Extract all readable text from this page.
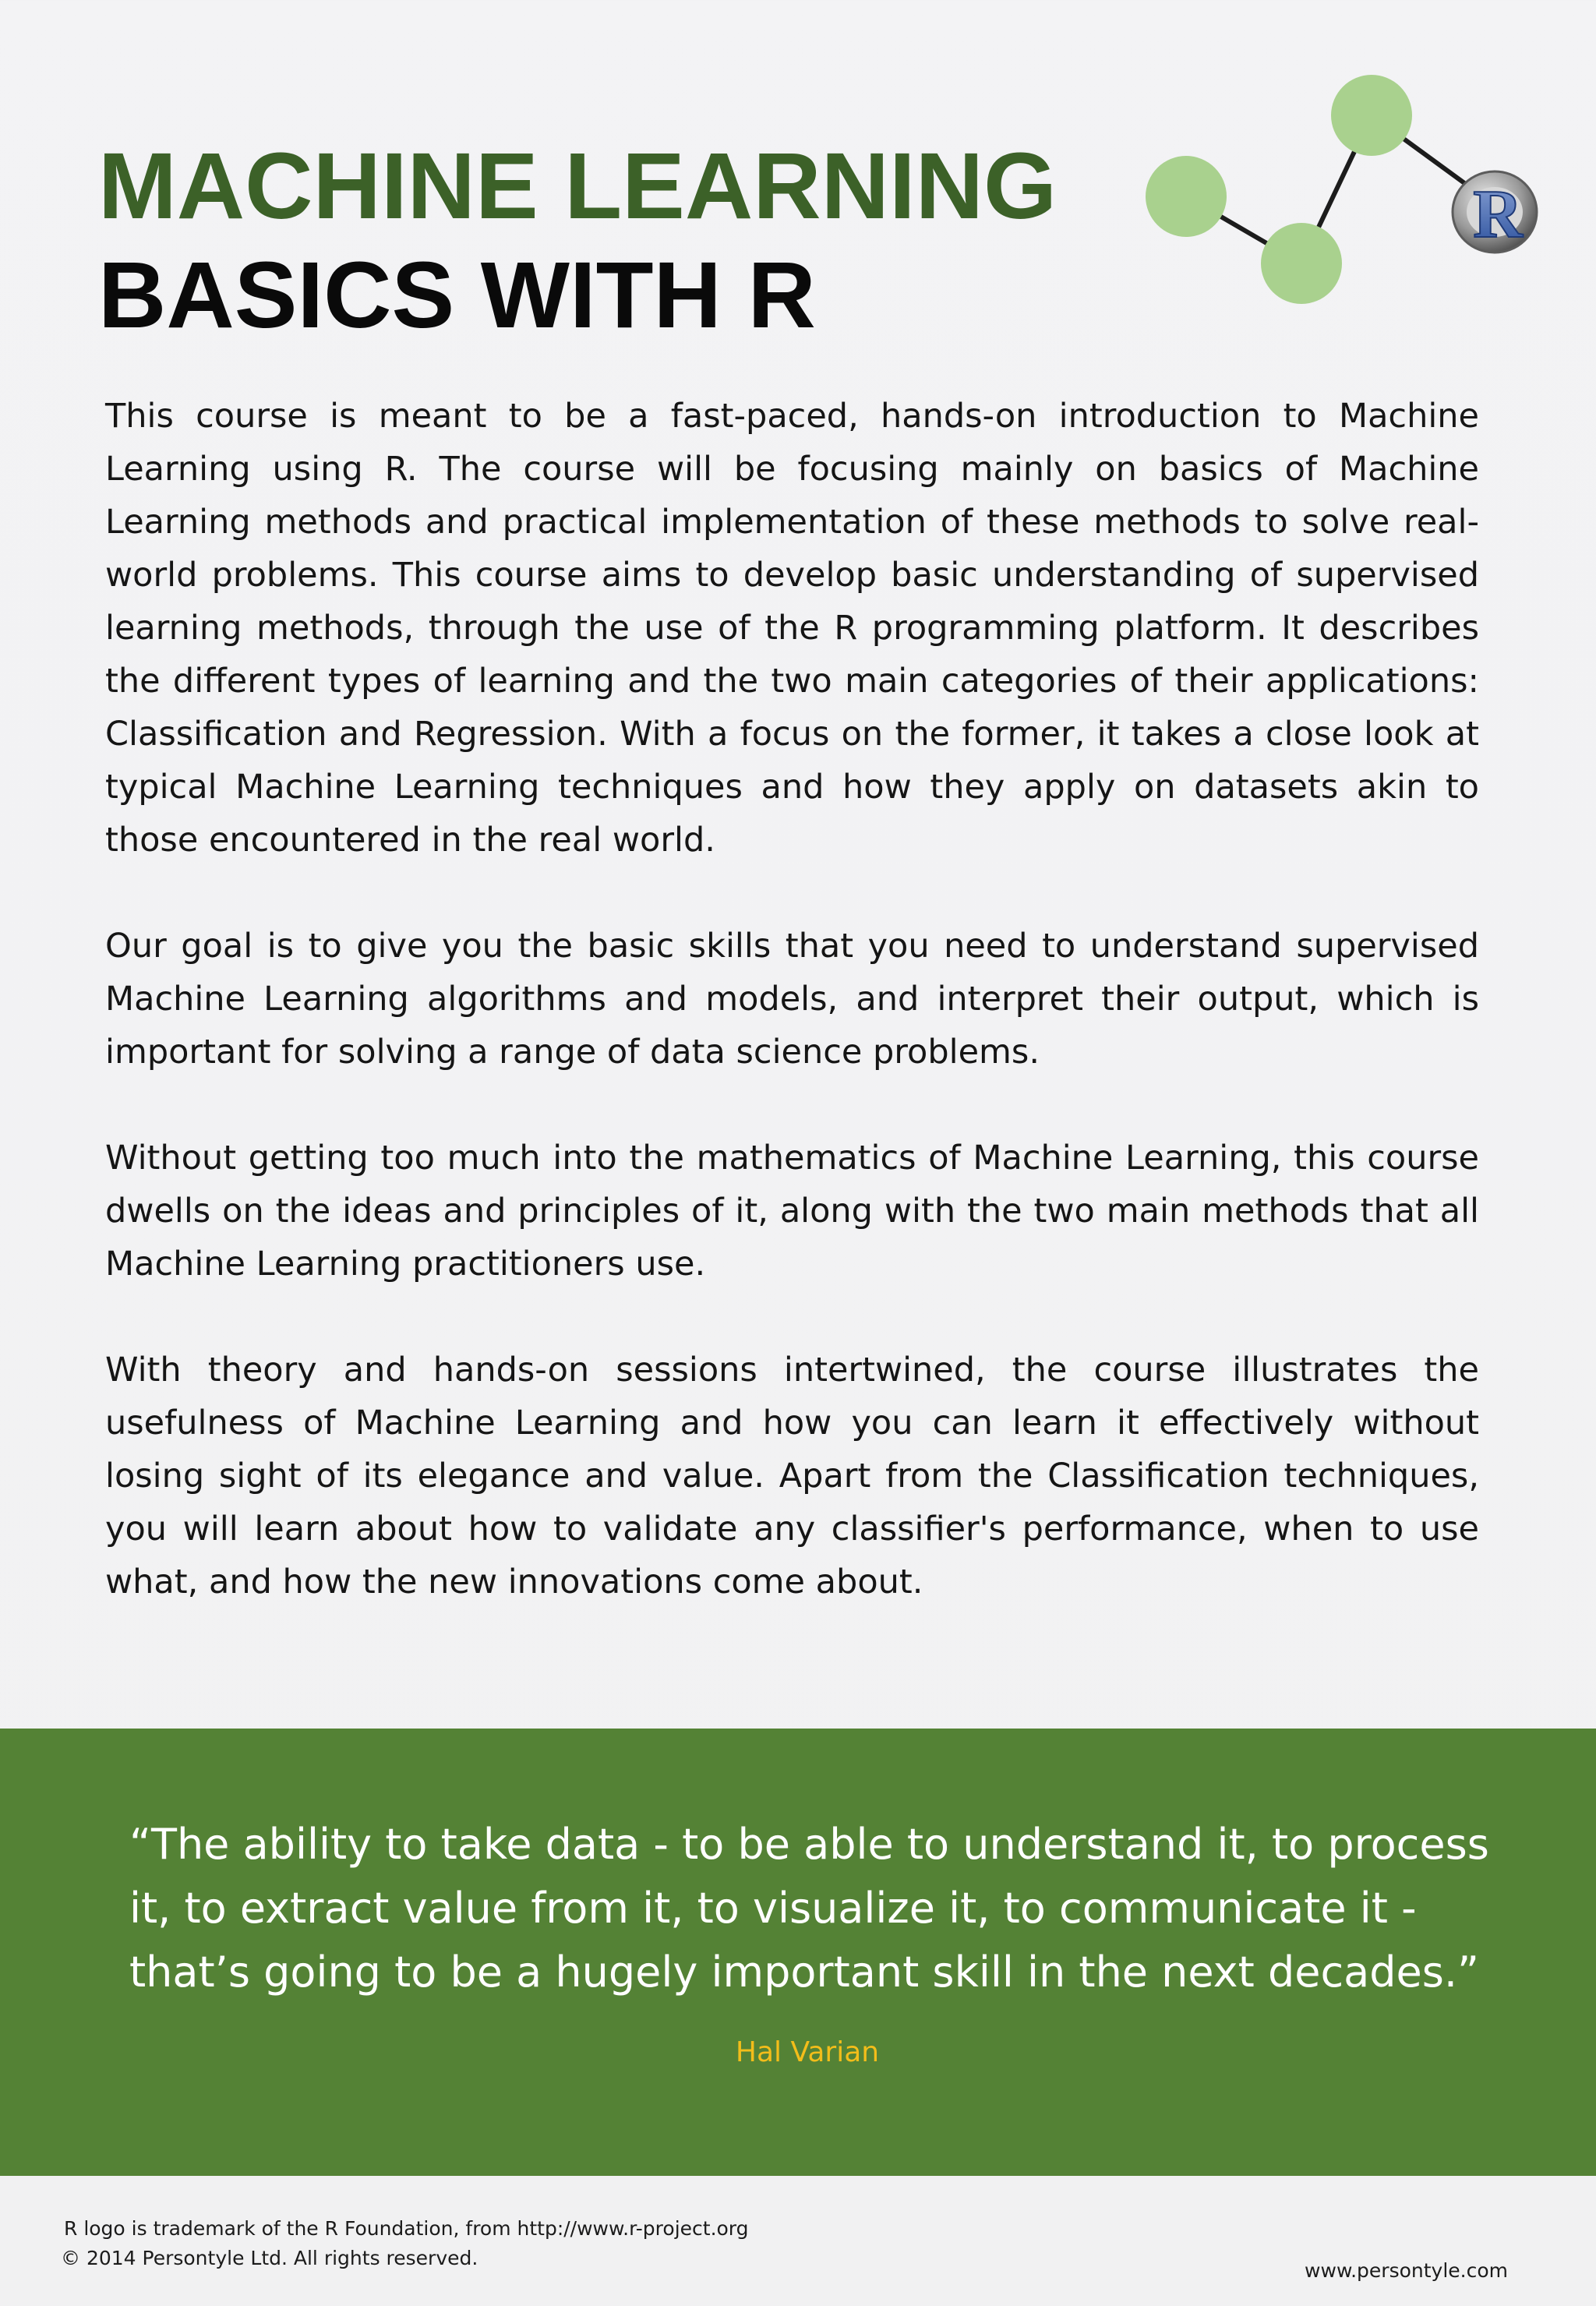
MACHINE LEARNING
BASICS WITH R
R

This course is meant to be a fast-paced, hands-on introduction to Machine Learning using R. The course will be focusing mainly on basics of Machine Learning methods and practical implementation of these methods to solve real-world problems. This course aims to develop basic understanding of supervised learning methods, through the use of the R programming platform. It describes the different types of learning and the two main categories of their applications: Classification and Regression. With a focus on the former, it takes a close look at typical Machine Learning techniques and how they apply on datasets akin to those encountered in the real world.

Our goal is to give you the basic skills that you need to understand supervised Machine Learning algorithms and models, and interpret their output, which is important for solving a range of data science problems.

Without getting too much into the mathematics of Machine Learning, this course dwells on the ideas and principles of it, along with the two main methods that all Machine Learning practitioners use.

With theory and hands-on sessions intertwined, the course illustrates the usefulness of Machine Learning and how you can learn it effectively without losing sight of its elegance and value. Apart from the Classification techniques, you will learn about how to validate any classifier's performance, when to use what, and how the new innovations come about.

“The ability to take data - to be able to understand it, to process it, to extract value from it, to visualize it, to communicate it - that’s going to be a hugely important skill in the next decades.”

Hal Varian
R logo is trademark of the R Foundation, from http://www.r-project.org
© 2014 Persontyle Ltd. All rights reserved.
www.persontyle.com
